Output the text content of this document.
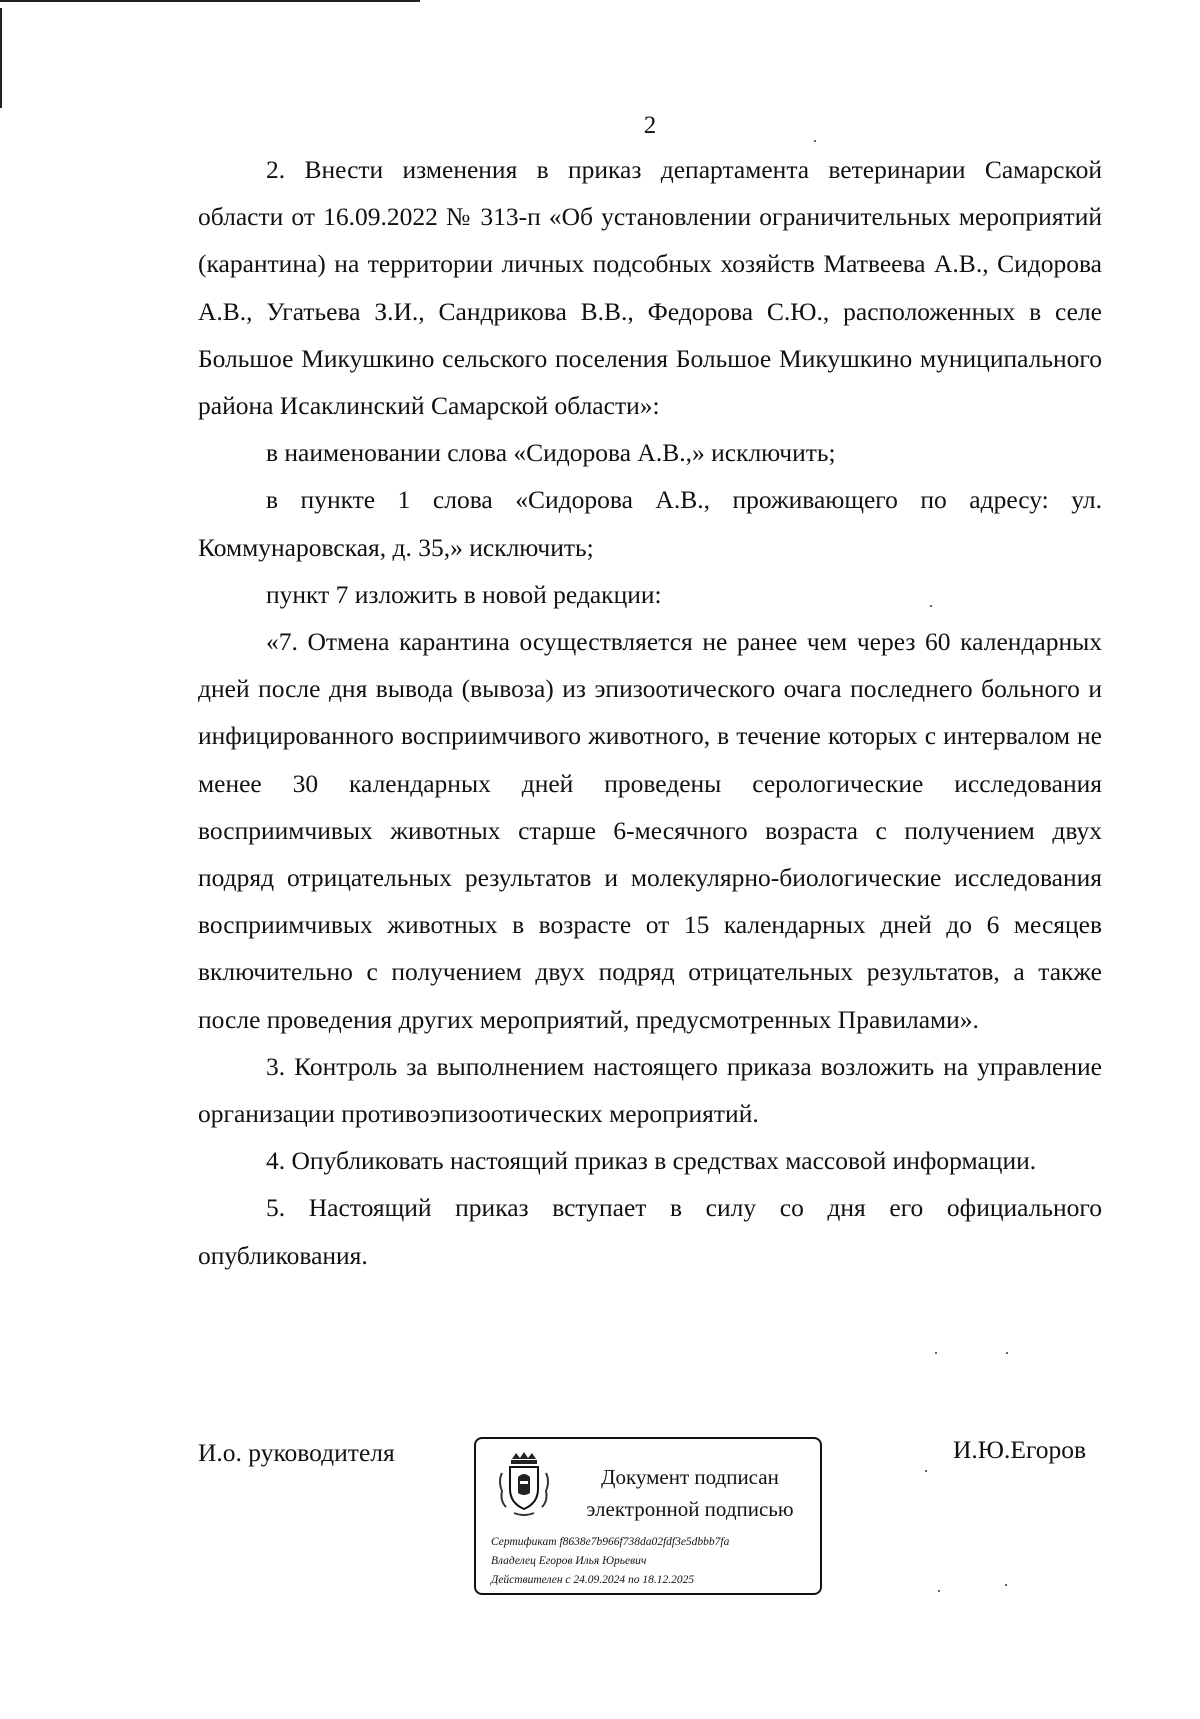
2

2. Внести изменения в приказ департамента ветеринарии Самарской области от 16.09.2022 № 313-п «Об установлении ограничительных мероприятий (карантина) на территории личных подсобных хозяйств Матвеева А.В., Сидорова А.В., Угатьева З.И., Сандрикова В.В., Федорова С.Ю., расположенных в селе Большое Микушкино сельского поселения Большое Микушкино муниципального района Исаклинский Самарской области»:

в наименовании слова «Сидорова А.В.,» исключить;

в пункте 1 слова «Сидорова А.В., проживающего по адресу: ул. Коммунаровская, д. 35,» исключить;

пункт 7 изложить в новой редакции:

«7. Отмена карантина осуществляется не ранее чем через 60 календарных дней после дня вывода (вывоза) из эпизоотического очага последнего больного и инфицированного восприимчивого животного, в течение которых с интервалом не менее 30 календарных дней проведены серологические исследования восприимчивых животных старше 6-месячного возраста с получением двух подряд отрицательных результатов и молекулярно-биологические исследования восприимчивых животных в возрасте от 15 календарных дней до 6 месяцев включительно с получением двух подряд отрицательных результатов, а также после проведения других мероприятий, предусмотренных Правилами».

3. Контроль за выполнением настоящего приказа возложить на управление организации противоэпизоотических мероприятий.

4. Опубликовать настоящий приказ в средствах массовой информации.

5. Настоящий приказ вступает в силу со дня его официального опубликования.

И.о. руководителя
Документ подписан
электронной подписью
Сертификат f8638e7b966f738da02fdf3e5dbbb7fa
Владелец Егоров Илья Юрьевич
Действителен с 24.09.2024 по 18.12.2025
И.Ю.Егоров
